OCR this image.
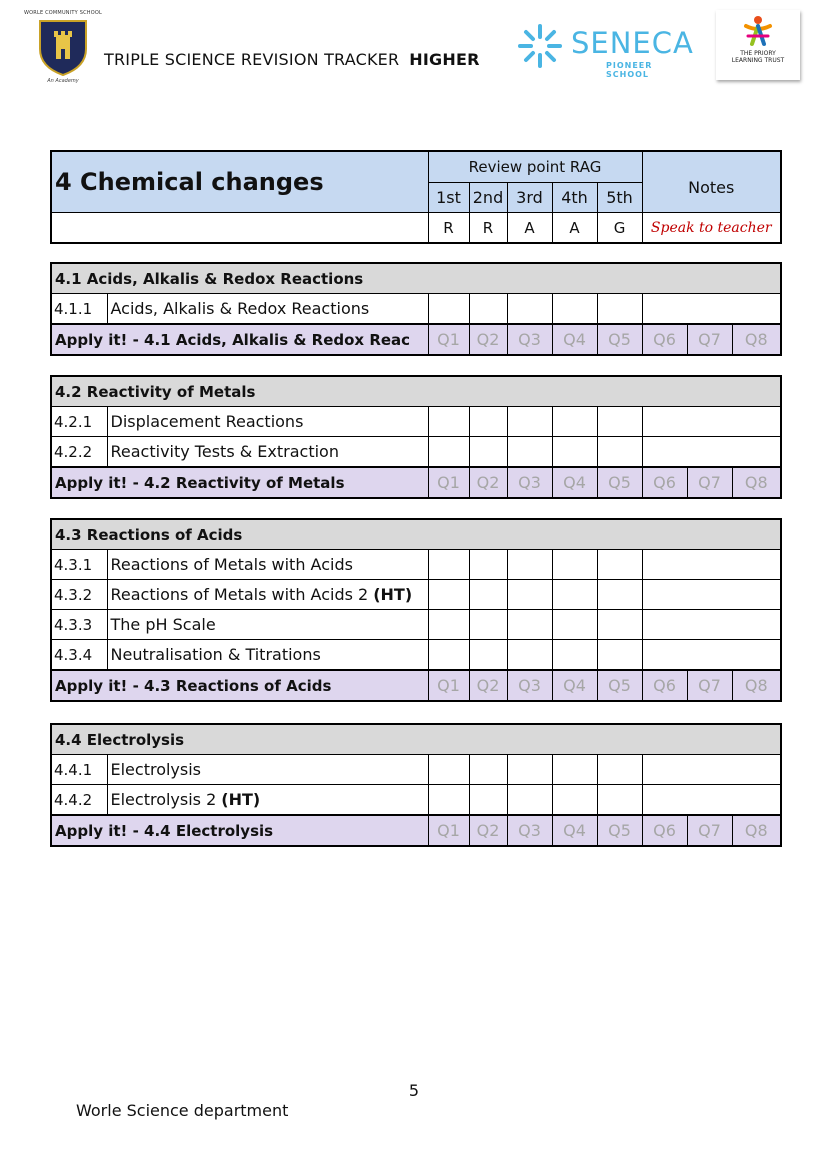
WORLE COMMUNITY SCHOOL
An Academy
TRIPLE SCIENCE REVISION TRACKER HIGHER	SENECA
PIONEER SCHOOL
THE PRIORY
LEARNING TRUST
4 Chemical changes	Review point RAG					Notes
	1st	2nd	3rd	4th	5th	
	R	R	A	A	G	Speak to teacher
4.1 Acids, Alkalis & Redox Reactions									
4.1.1	Acids, Alkalis & Redox Reactions								
Apply it! - 4.1 Acids, Alkalis & Redox Reac		Q1	Q2	Q3	Q4	Q5	Q6	Q7	Q8
4.2 Reactivity of Metals									
4.2.1	Displacement Reactions								
4.2.2	Reactivity Tests & Extraction								
Apply it! - 4.2 Reactivity of Metals		Q1	Q2	Q3	Q4	Q5	Q6	Q7	Q8
4.3 Reactions of Acids									
4.3.1	Reactions of Metals with Acids								
4.3.2	Reactions of Metals with Acids 2 (HT)								
4.3.3	The pH Scale								
4.3.4	Neutralisation & Titrations								
Apply it! - 4.3 Reactions of Acids		Q1	Q2	Q3	Q4	Q5	Q6	Q7	Q8
4.4 Electrolysis									
4.4.1	Electrolysis								
4.4.2	Electrolysis 2 (HT)								
Apply it! - 4.4 Electrolysis		Q1	Q2	Q3	Q4	Q5	Q6	Q7	Q8
5
Worle Science department
